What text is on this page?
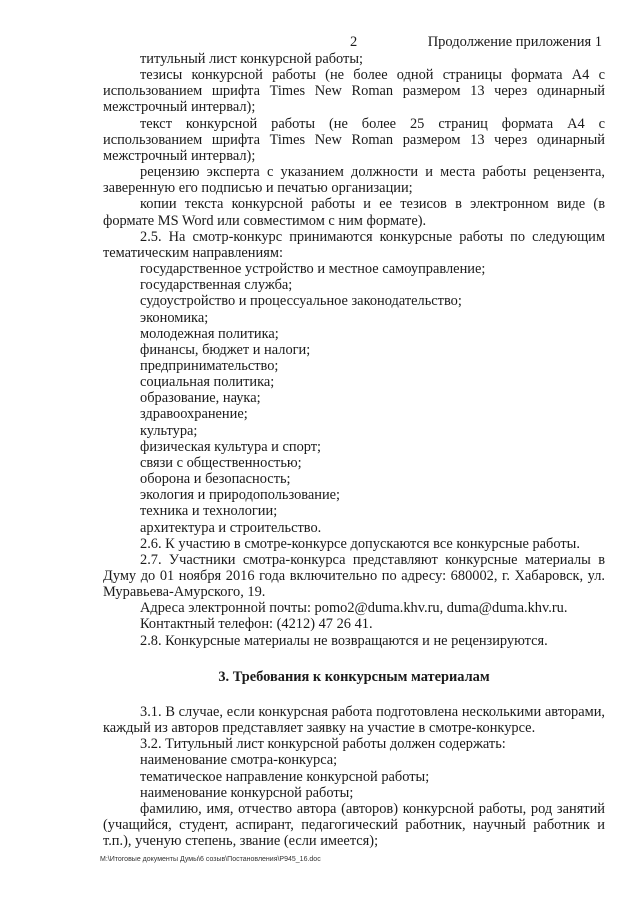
2	Продолжение приложения 1

титульный лист конкурсной работы;

тезисы конкурсной работы (не более одной страницы формата А4 с использованием шрифта Times New Roman размером 13 через одинарный межстрочный интервал);

текст конкурсной работы (не более 25 страниц формата А4 с использованием шрифта Times New Roman размером 13 через одинарный межстрочный интервал);

рецензию эксперта с указанием должности и места работы рецензента, заверенную его подписью и печатью организации;

копии текста конкурсной работы и ее тезисов в электронном виде (в формате MS Word или совместимом с ним формате).

2.5. На смотр-конкурс принимаются конкурсные работы по следующим тематическим направлениям:

государственное устройство и местное самоуправление;

государственная служба;

судоустройство и процессуальное законодательство;

экономика;

молодежная политика;

финансы, бюджет и налоги;

предпринимательство;

социальная политика;

образование, наука;

здравоохранение;

культура;

физическая культура и спорт;

связи с общественностью;

оборона и безопасность;

экология и природопользование;

техника и технологии;

архитектура и строительство.

2.6. К участию в смотре-конкурсе допускаются все конкурсные работы.

2.7. Участники смотра-конкурса представляют конкурсные материалы в Думу до 01 ноября 2016 года включительно по адресу: 680002, г. Хабаровск, ул. Муравьева-Амурского, 19.

Адреса электронной почты: pomo2@duma.khv.ru, duma@duma.khv.ru.

Контактный телефон: (4212) 47 26 41.

2.8. Конкурсные материалы не возвращаются и не рецензируются.

3. Требования к конкурсным материалам

3.1. В случае, если конкурсная работа подготовлена несколькими авторами, каждый из авторов представляет заявку на участие в смотре-конкурсе.

3.2. Титульный лист конкурсной работы должен содержать:

наименование смотра-конкурса;

тематическое направление конкурсной работы;

наименование конкурсной работы;

фамилию, имя, отчество автора (авторов) конкурсной работы, род занятий (учащийся, студент, аспирант, педагогический работник, научный работник и т.п.), ученую степень, звание (если имеется);

M:\Итоговые документы Думы\6 созыв\Постановления\P945_16.doc
